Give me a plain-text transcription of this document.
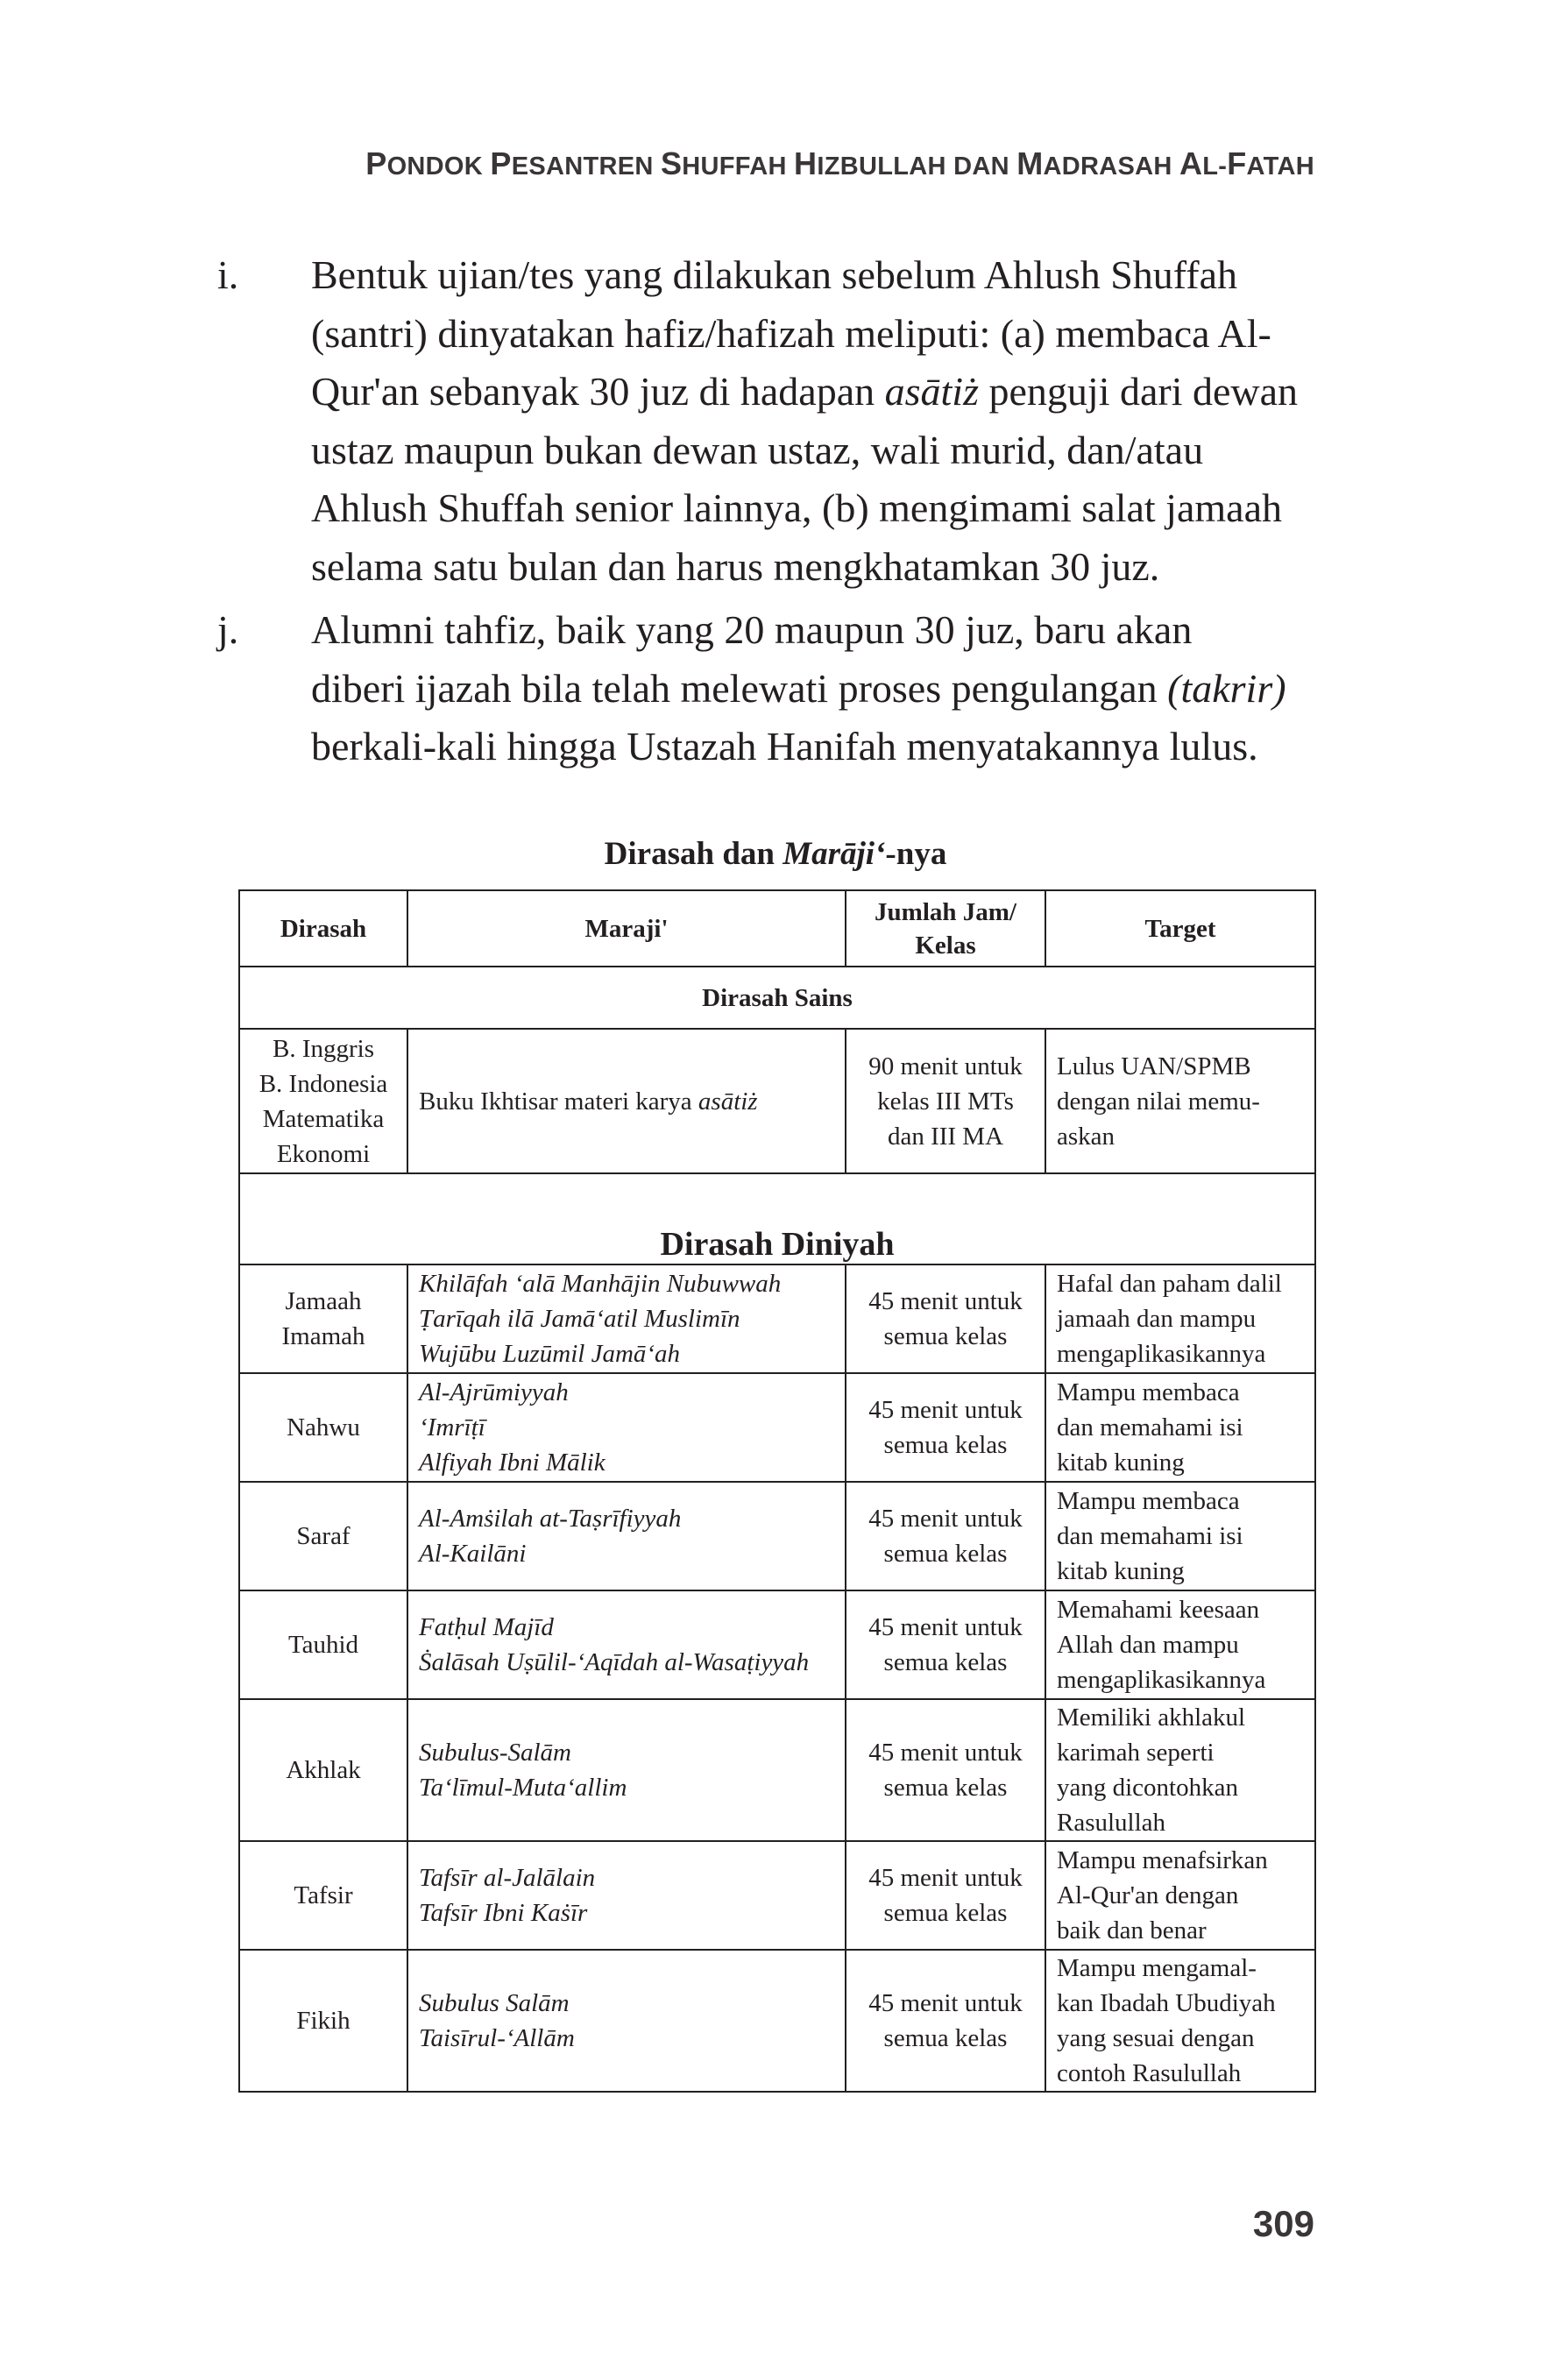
PONDOK PESANTREN SHUFFAH HIZBULLAH DAN MADRASAH AL-FATAH
i. Bentuk ujian/tes yang dilakukan sebelum Ahlush Shuffah
(santri) dinyatakan hafiz/hafizah meliputi: (a) membaca Al-
Qur'an sebanyak 30 juz di hadapan asātiż penguji dari dewan
ustaz maupun bukan dewan ustaz, wali murid, dan/atau
Ahlush Shuffah senior lainnya, (b) mengimami salat jamaah
selama satu bulan dan harus mengkhatamkan 30 juz.
j. Alumni tahfiz, baik yang 20 maupun 30 juz, baru akan
diberi ijazah bila telah melewati proses pengulangan (takrir)
berkali-kali hingga Ustazah Hanifah menyatakannya lulus.
Dirasah dan Marājiʻ-nya
Dirasah	Maraji'	Jumlah Jam/ Kelas	Target
Dirasah Sains			

B. Inggris
B. Indonesia
Matematika
Ekonomi	Buku Ikhtisar materi karya asātiż	90 menit untuk
kelas III MTs
dan III MA	Lulus UAN/SPMB
dengan nilai memu-
askan

Dirasah Diniyah			

Jamaah
Imamah	Khilāfah ʻalā Manhājin Nubuwwah
Ṭarīqah ilā Jamāʻatil Muslimīn
Wujūbu Luzūmil Jamāʻah	45 menit untuk
semua kelas	Hafal dan paham dalil
jamaah dan mampu
mengaplikasikannya

Nahwu	Al-Ajrūmiyyah
ʻImrīṭī
Alfiyah Ibni Mālik	45 menit untuk
semua kelas	Mampu membaca
dan memahami isi
kitab kuning

Saraf	Al-Amṡilah at-Taṣrīfiyyah
Al-Kailāni	45 menit untuk
semua kelas	Mampu membaca
dan memahami isi
kitab kuning

Tauhid	Fatḥul Majīd
Ṡalāsah Uṣūlil-ʻAqīdah al-Wasaṭiyyah	45 menit untuk
semua kelas	Memahami keesaan
Allah dan mampu
mengaplikasikannya

Akhlak	Subulus-Salām
Taʻlīmul-Mutaʻallim	45 menit untuk
semua kelas	Memiliki akhlakul
karimah seperti
yang dicontohkan
Rasulullah

Tafsir	Tafsīr al-Jalālain
Tafsīr Ibni Kaṡīr	45 menit untuk
semua kelas	Mampu menafsirkan
Al-Qur'an dengan
baik dan benar

Fikih	Subulus Salām
Taisīrul-ʻAllām	45 menit untuk
semua kelas	Mampu mengamal-
kan Ibadah Ubudiyah
yang sesuai dengan
contoh Rasulullah
309
